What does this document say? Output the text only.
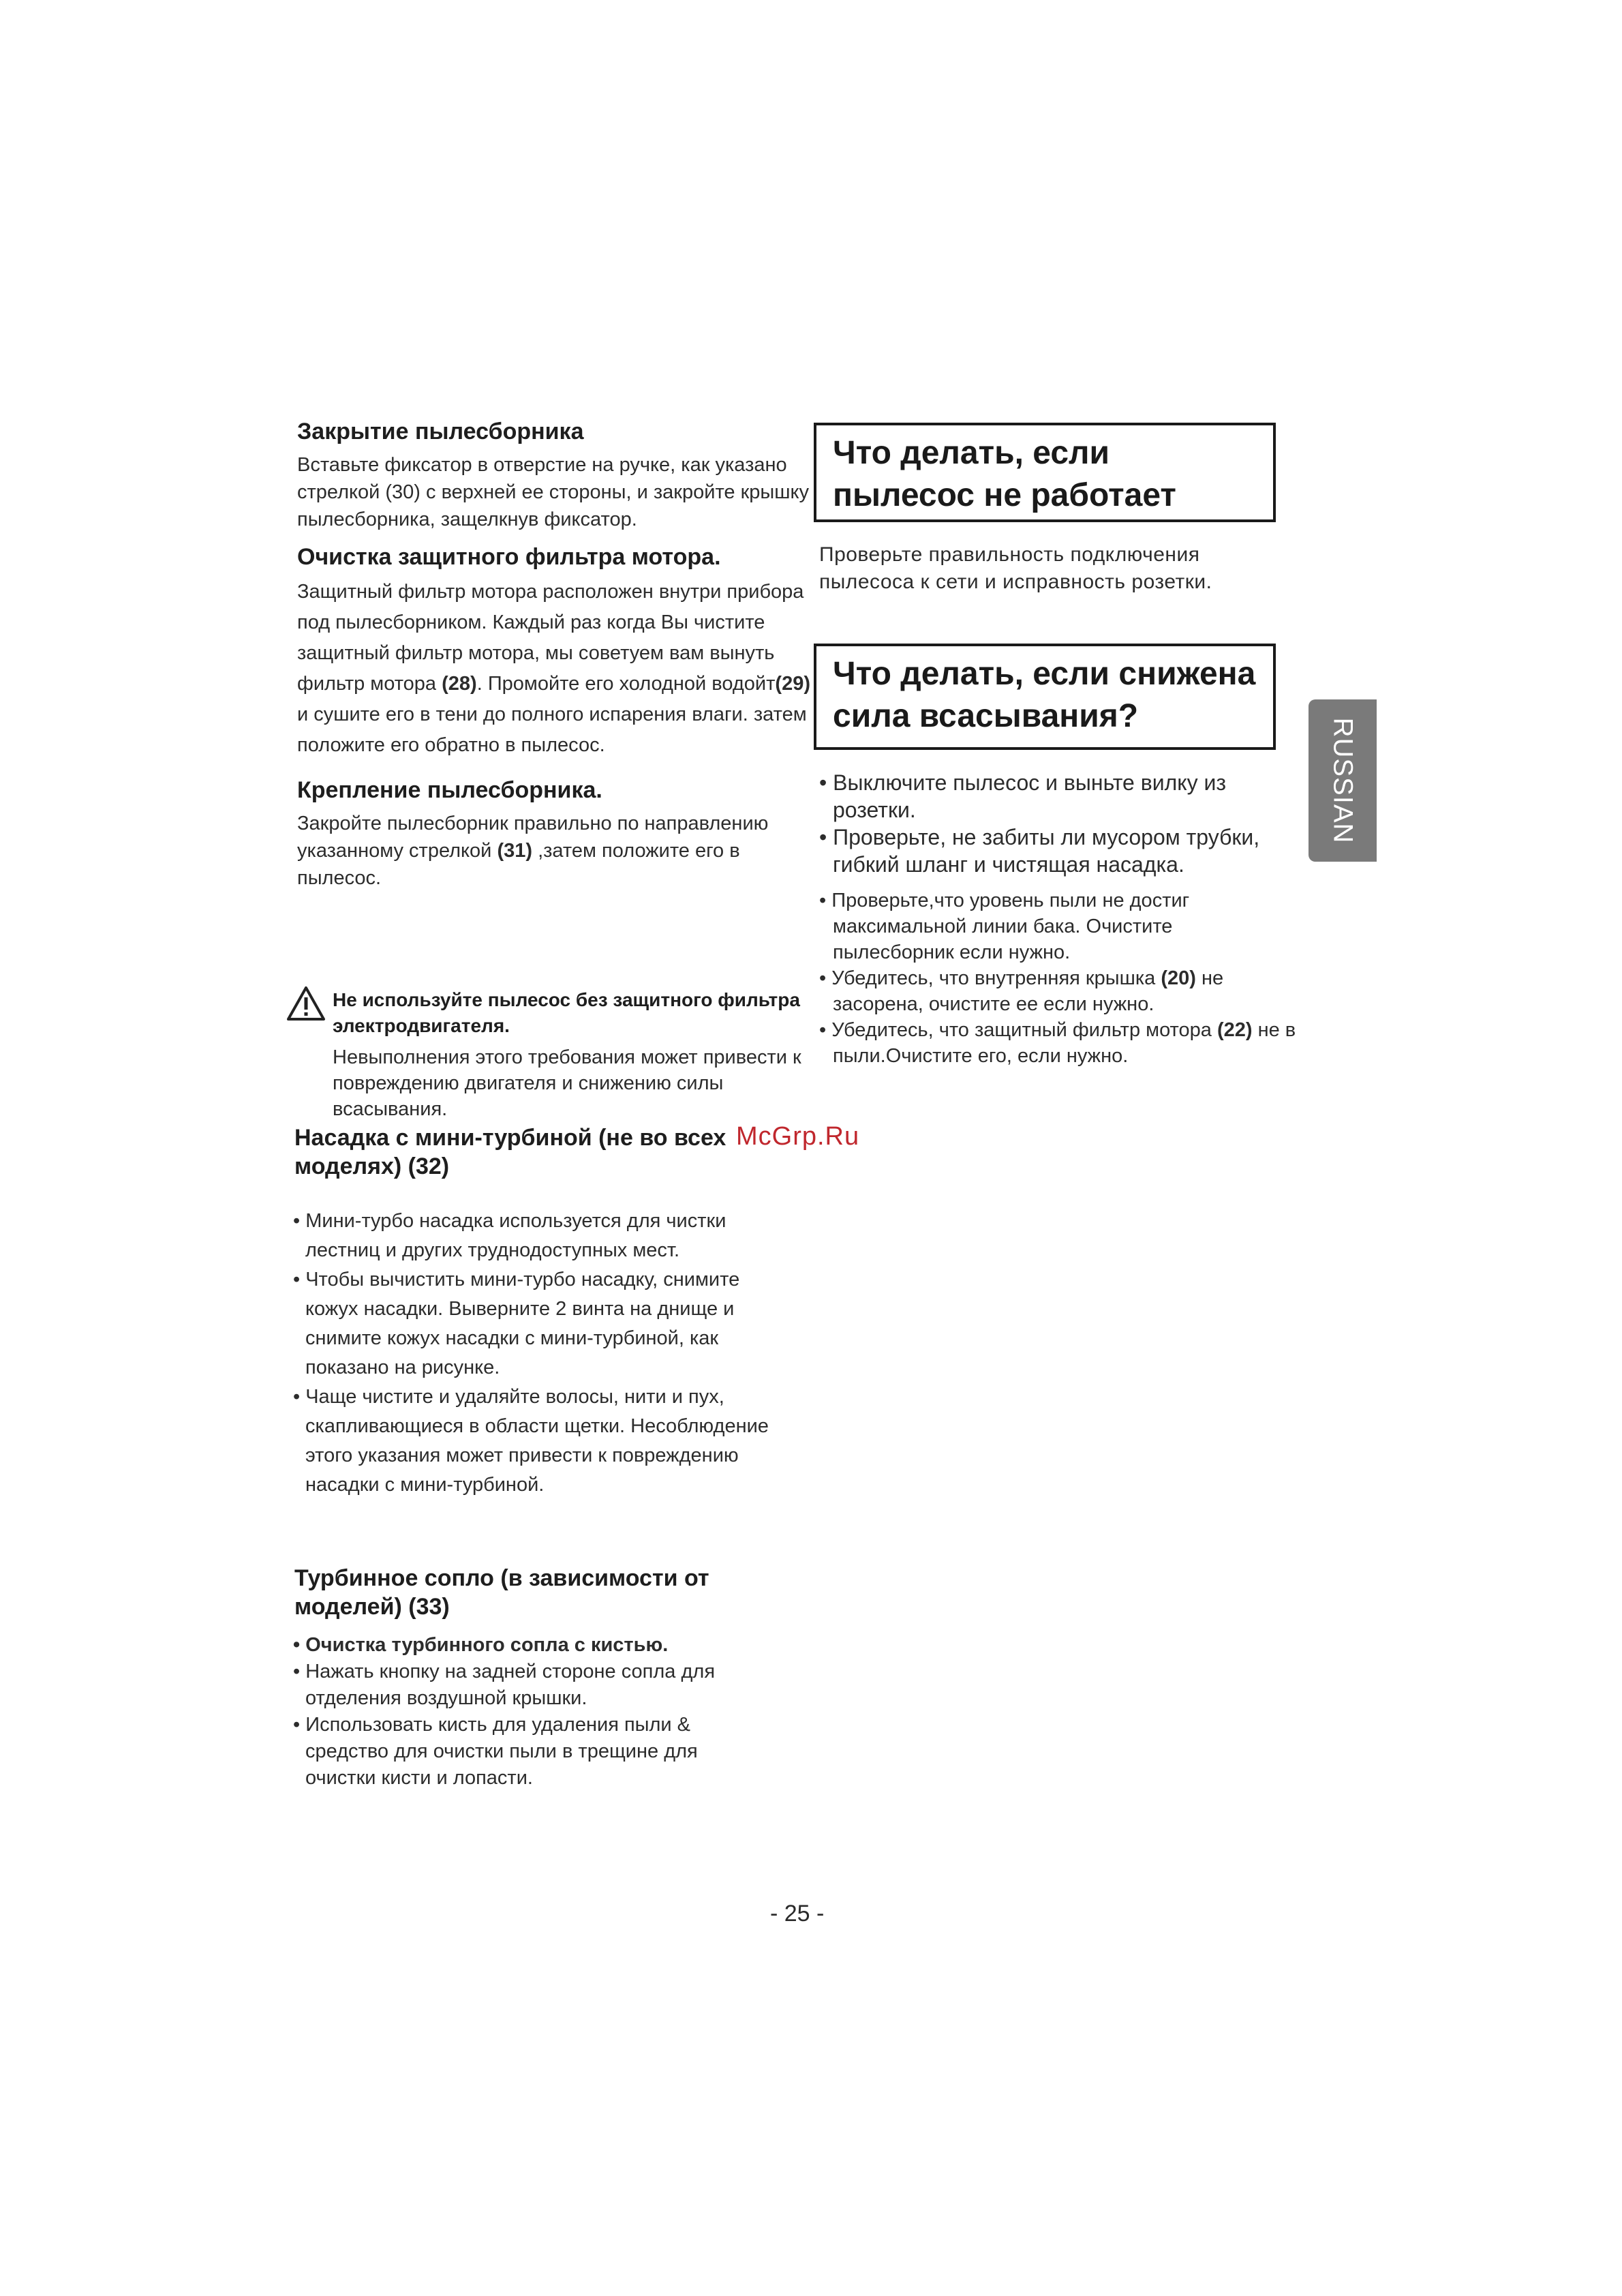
Закрытие пылесборника

Вставьте фиксатор в отверстие на ручке, как указано стрелкой (30) с верхней ее стороны, и закройте крышку пылесборника, защелкнув фиксатор.

Очистка защитного фильтра мотора.

Защитный фильтр мотора расположен внутри прибора под пылесборником. Каждый раз когда Вы чистите защитный фильтр мотора, мы советуем вам вынуть фильтр мотора (28). Промойте его холодной водойт(29) и сушите его в тени до полного испарения влаги. затем положите его обратно в пылесос.

Крепление пылесборника.

Закройте пылесборник правильно по направлению указанному стрелкой (31) ,затем положите его в пылесос.

Не используйте пылесос без защитного фильтра электродвигателя.
Невыполнения этого требования может привести к повреждению двигателя и снижению силы всасывания.
Насадка с мини-турбиной (не во всех моделях) (32)

• Мини-турбо насадка используется для чистки лестниц и других труднодоступных мест.

• Чтобы вычистить мини-турбо насадку, снимите кожух насадки. Выверните 2 винта на днище и снимите кожух насадки с мини-турбиной, как показано на рисунке.

• Чаще чистите и удаляйте волосы, нити и пух, скапливающиеся в области щетки. Несоблюдение этого указания может привести к повреждению насадки с мини-турбиной.

Турбинное сопло (в зависимости от моделей) (33)

• Очистка турбинного сопла с кистью.

• Нажать кнопку на задней стороне сопла для отделения воздушной крышки.

• Использовать кисть для удаления пыли & средство для очистки пыли в трещине для очистки кисти и лопасти.

Что делать, если пылесос не работает
Проверьте правильность подключения пылесоса к сети и исправность розетки.
Что делать, если снижена сила всасывания?

• Выключите пылесос и выньте вилку из розетки.

• Проверьте, не забиты ли мусором трубки, гибкий шланг и чистящая насадка.

• Проверьте,что уровень пыли не достиг максимальной линии бака. Очистите пылесборник если нужно.

• Убедитесь, что внутренняя крышка (20) не засорена, очистите ее если нужно.

• Убедитесь, что защитный фильтр мотора (22) не в пыли.Очистите его, если нужно.

RUSSIAN
McGrp.Ru
- 25 -
